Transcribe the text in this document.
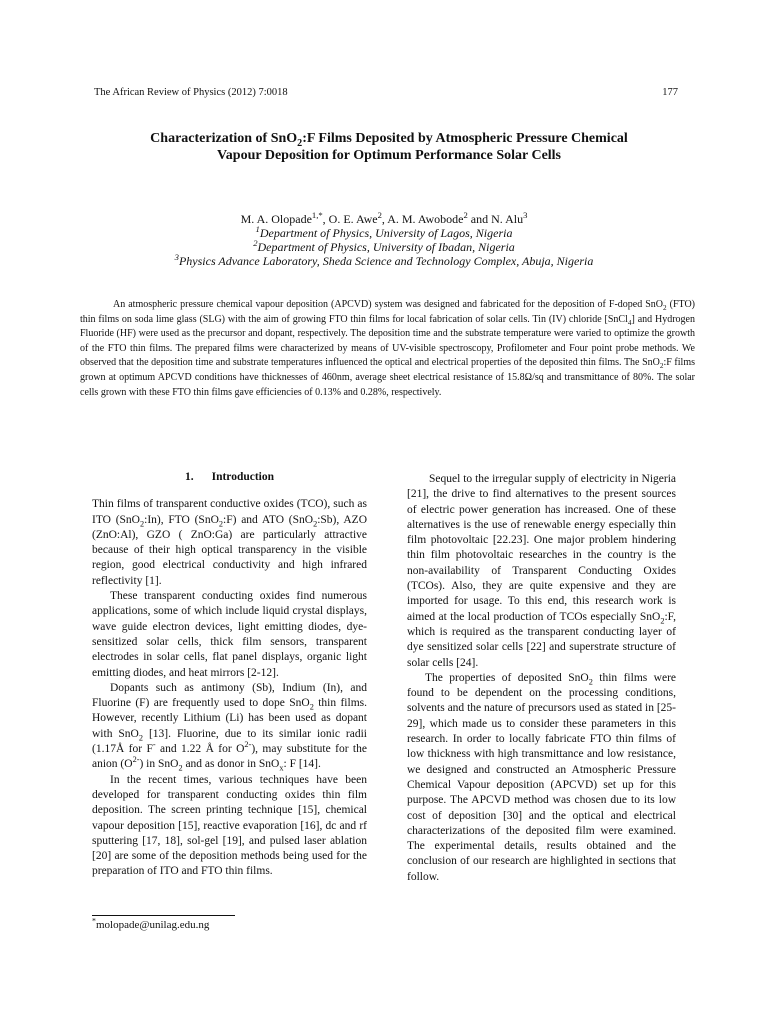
The African Review of Physics (2012) 7:0018	177
Characterization of SnO$_2$:F Films Deposited by Atmospheric Pressure Chemical
Vapour Deposition for Optimum Performance Solar Cells
M. A. Olopade$^{1,*}$, O. E. Awe$^2$, A. M. Awobode$^2$ and N. Alu$^3$
$^1$Department of Physics, University of Lagos, Nigeria
$^2$Department of Physics, University of Ibadan, Nigeria
$^3$Physics Advance Laboratory, Sheda Science and Technology Complex, Abuja, Nigeria
An atmospheric pressure chemical vapour deposition (APCVD) system was designed and fabricated for the deposition of F-doped SnO$_2$ (FTO) thin films on soda lime glass (SLG) with the aim of growing FTO thin films for local fabrication of solar cells. Tin (IV) chloride [SnCl$_4$] and Hydrogen Fluoride (HF) were used as the precursor and dopant, respectively. The deposition time and the substrate temperature were varied to optimize the growth of the FTO thin films. The prepared films were characterized by means of UV-visible spectroscopy, Profilometer and Four point probe methods. We observed that the deposition time and substrate temperatures influenced the optical and electrical properties of the deposited thin films. The SnO$_2$:F films grown at optimum APCVD conditions have thicknesses of 460nm, average sheet electrical resistance of 15.8Ω/sq and transmittance of 80%. The solar cells grown with these FTO thin films gave efficiencies of 0.13% and 0.28%, respectively.
1. Introduction

Thin films of transparent conductive oxides (TCO), such as ITO (SnO$_2$:In), FTO (SnO$_2$:F) and ATO (SnO$_2$:Sb), AZO (ZnO:Al), GZO ( ZnO:Ga) are particularly attractive because of their high optical transparency in the visible region, good electrical conductivity and high infrared reflectivity [1].

These transparent conducting oxides find numerous applications, some of which include liquid crystal displays, wave guide electron devices, light emitting diodes, dye-sensitized solar cells, thick film sensors, transparent electrodes in solar cells, flat panel displays, organic light emitting diodes, and heat mirrors [2-12].

Dopants such as antimony (Sb), Indium (In), and Fluorine (F) are frequently used to dope SnO$_2$ thin films. However, recently Lithium (Li) has been used as dopant with SnO$_2$ [13]. Fluorine, due to its similar ionic radii (1.17Å for F- and 1.22 Å for $O^{2-}$), may substitute for the anion $(O^{2-})$ in SnO$_2$ and as donor in SnO$_x$: F [14].

In the recent times, various techniques have been developed for transparent conducting oxides thin film deposition. The screen printing technique [15], chemical vapour deposition [15], reactive evaporation [16], dc and rf sputtering [17, 18], sol-gel [19], and pulsed laser ablation [20] are some of the deposition methods being used for the preparation of ITO and FTO thin films.

Sequel to the irregular supply of electricity in Nigeria [21], the drive to find alternatives to the present sources of electric power generation has increased. One of these alternatives is the use of renewable energy especially thin film photovoltaic [22.23]. One major problem hindering thin film photovoltaic researches in the country is the non-availability of Transparent Conducting Oxides (TCOs). Also, they are quite expensive and they are imported for usage. To this end, this research work is aimed at the local production of TCOs especially SnO$_2$:F, which is required as the transparent conducting layer of dye sensitized solar cells [22] and superstrate structure of solar cells [24].

The properties of deposited SnO$_2$ thin films were found to be dependent on the processing conditions, solvents and the nature of precursors used as stated in [25-29], which made us to consider these parameters in this research. In order to locally fabricate FTO thin films of low thickness with high transmittance and low resistance, we designed and constructed an Atmospheric Pressure Chemical Vapour deposition (APCVD) set up for this purpose. The APCVD method was chosen due to its low cost of deposition [30] and the optical and electrical characterizations of the deposited film were examined. The experimental details, results obtained and the conclusion of our research are highlighted in sections that follow.

*molopade@unilag.edu.ng
